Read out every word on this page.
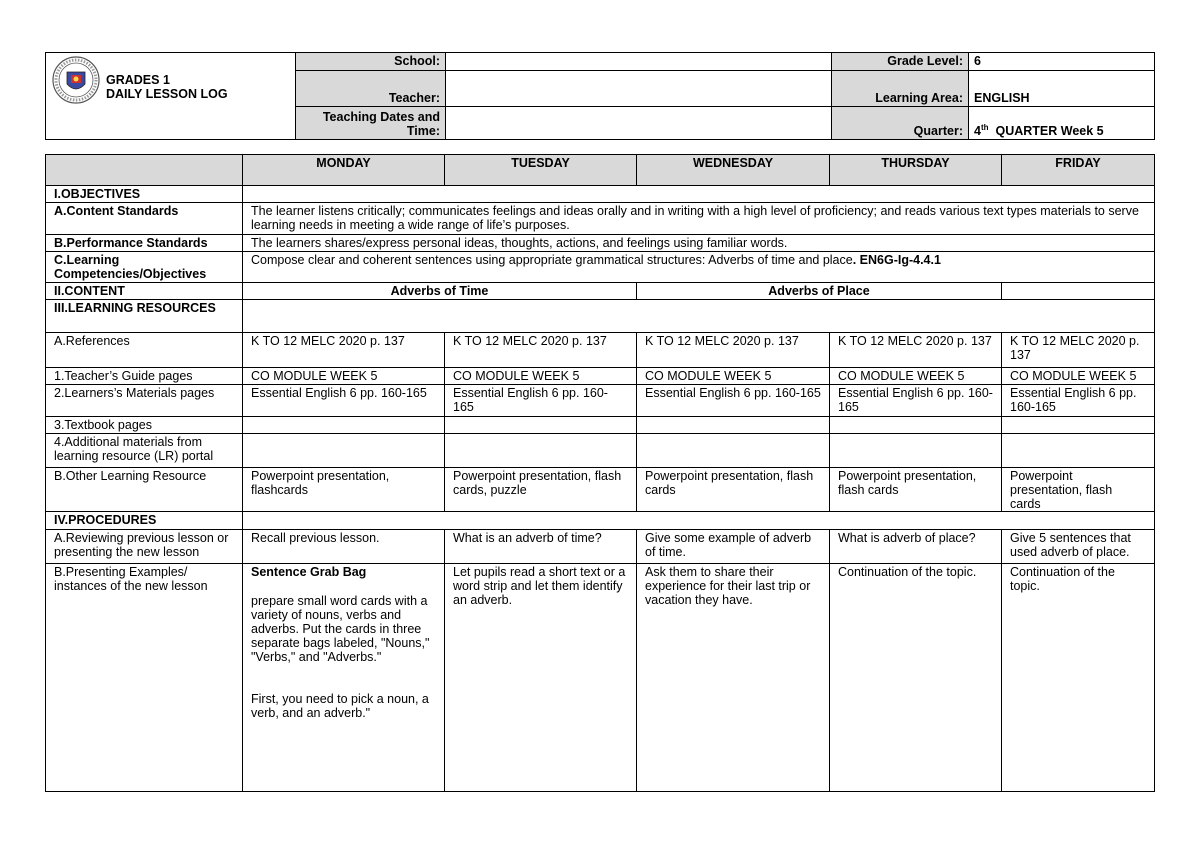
GRADES 1
DAILY LESSON LOG	School:		Grade Level:	6
	Teacher:		Learning Area:	ENGLISH

	Teaching Dates and
Time:		Quarter:	4th QUARTER Week 5
	MONDAY	TUESDAY	WEDNESDAY	THURSDAY	FRIDAY
I.OBJECTIVES					
A.Content Standards	The learner listens critically; communicates feelings and ideas orally and in writing with a high level of proficiency; and reads various text types materials to serve learning needs in meeting a wide range of life’s purposes.				
B.Performance Standards	The learners shares/express personal ideas, thoughts, actions, and feelings using familiar words.				
C.Learning Competencies/Objectives	Compose clear and coherent sentences using appropriate grammatical structures: Adverbs of time and place. EN6G-Ig-4.4.1				
II.CONTENT	Adverbs of Time		Adverbs of Place		
III.LEARNING RESOURCES					
A.References	K TO 12 MELC 2020 p. 137	K TO 12 MELC 2020 p. 137	K TO 12 MELC 2020 p. 137	K TO 12 MELC 2020 p. 137	K TO 12 MELC 2020 p. 137
1.Teacher’s Guide pages	CO MODULE WEEK 5	CO MODULE WEEK 5	CO MODULE WEEK 5	CO MODULE WEEK 5	CO MODULE WEEK 5
2.Learners’s Materials pages	Essential English 6 pp. 160-165	Essential English 6 pp. 160-165	Essential English 6 pp. 160-165	Essential English 6 pp. 160-165	Essential English 6 pp. 160-165
3.Textbook pages					
4.Additional materials from learning resource (LR) portal					
B.Other Learning Resource	Powerpoint presentation, flashcards	Powerpoint presentation, flash cards, puzzle	Powerpoint presentation, flash cards	Powerpoint presentation, flash cards	Powerpoint presentation, flash cards
IV.PROCEDURES					
A.Reviewing previous lesson or presenting the new lesson	Recall previous lesson.	What is an adverb of time?	Give some example of adverb of time.	What is adverb of place?	Give 5 sentences that used adverb of place.
B.Presenting Examples/ instances of the new lesson	Sentence Grab Bag
prepare small word cards with a variety of nouns, verbs and adverbs. Put the cards in three separate bags labeled, "Nouns," "Verbs," and "Adverbs."
First, you need to pick a noun, a verb, and an adverb."	Let pupils read a short text or a word strip and let them identify an adverb.	Ask them to share their experience for their last trip or vacation they have.	Continuation of the topic.	Continuation of the topic.
